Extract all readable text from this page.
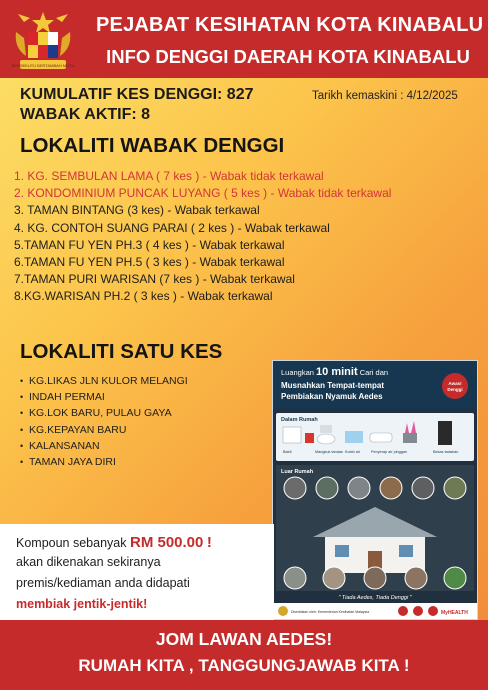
BERSEKUTU BERTAMBAH MUTU
PEJABAT KESIHATAN KOTA KINABALU
INFO DENGGI DAERAH KOTA KINABALU
KUMULATIF KES DENGGI: 827
WABAK AKTIF: 8
Tarikh kemaskini : 4/12/2025
LOKALITI WABAK DENGGI
1. KG. SEMBULAN LAMA ( 7 kes ) - Wabak tidak terkawal
2. KONDOMINIUM PUNCAK LUYANG ( 5 kes ) - Wabak tidak terkawal
3. TAMAN BINTANG (3 kes) - Wabak terkawal
4. KG. CONTOH SUANG PARAI ( 2 kes ) - Wabak terkawal
5.TAMAN FU YEN PH.3 ( 4 kes ) - Wabak terkawal
6.TAMAN FU YEN PH.5 ( 3 kes ) - Wabak terkawal
7.TAMAN PURI WARISAN (7 kes ) - Wabak terkawal
8.KG.WARISAN PH.2 ( 3 kes ) - Wabak terkawal
LOKALITI SATU KES
• KG.LIKAS JLN KULOR MELANGI
• INDAH PERMAI
• KG.LOK BARU, PULAU GAYA
• KG.KEPAYAN BARU
• KALANSANAN
• TAMAN JAYA DIRI
Luangkan 10 minit Cari dan
Musnahkan Tempat-tempat
Pembiakan Nyamuk Aedes
Awas!
Denggi
Dalam Rumah
Baldi	Mangkuk tandas Kolah air	Penyerap air pinggan	Bekas tadahan
Luar Rumah
" Tiada Aedes, Tiada Denggi "
Disediakan oleh: Kementerian Kesihatan Malaysia	MyHEALTH
Kompoun sebanyak RM 500.00 !
akan dikenakan sekiranya
premis/kediaman anda didapati
membiak jentik-jentik!
JOM LAWAN AEDES!
RUMAH KITA , TANGGUNGJAWAB KITA !
